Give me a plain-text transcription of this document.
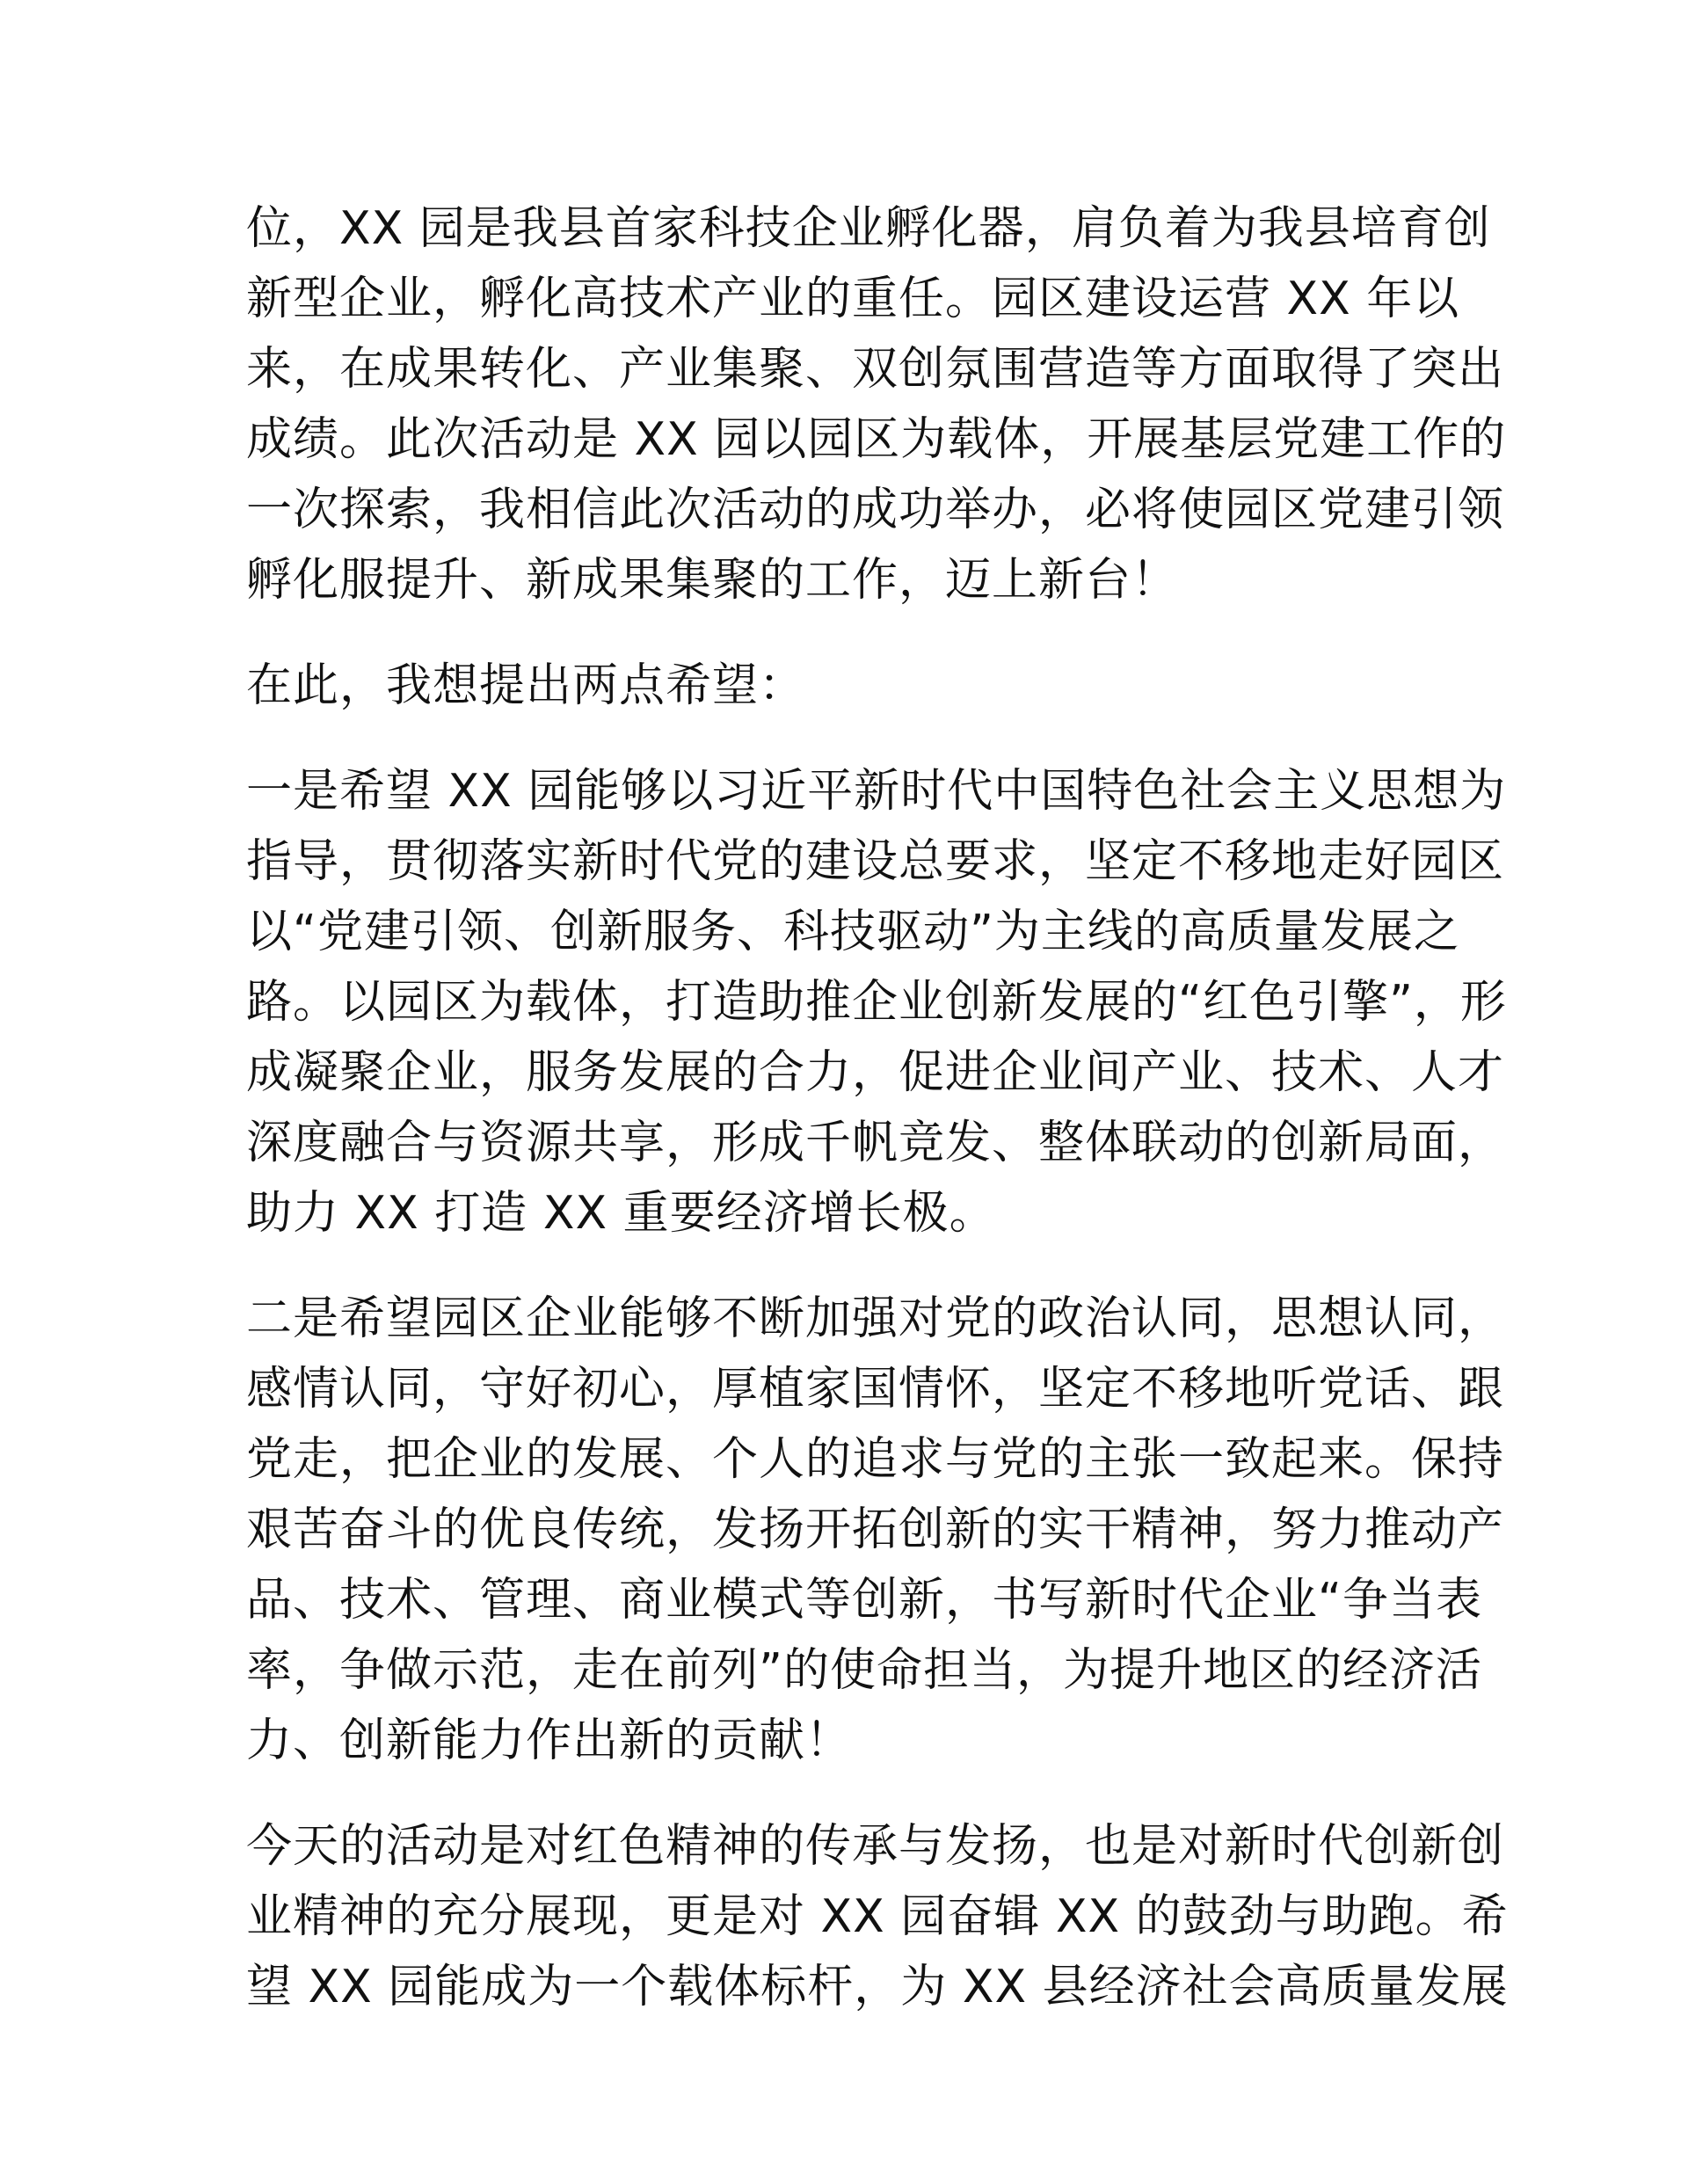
位，XX 园是我县首家科技企业孵化器，肩负着为我县培育创
新型企业，孵化高技术产业的重任。园区建设运营 XX 年以
来，在成果转化、产业集聚、双创氛围营造等方面取得了突出
成绩。此次活动是 XX 园以园区为载体，开展基层党建工作的
一次探索，我相信此次活动的成功举办，必将使园区党建引领
孵化服提升、新成果集聚的工作，迈上新台！
在此，我想提出两点希望：
一是希望 XX 园能够以习近平新时代中国特色社会主义思想为
指导，贯彻落实新时代党的建设总要求，坚定不移地走好园区
以“党建引领、创新服务、科技驱动”为主线的高质量发展之
路。以园区为载体，打造助推企业创新发展的“红色引擎”，形
成凝聚企业，服务发展的合力，促进企业间产业、技术、人才
深度融合与资源共享，形成千帆竞发、整体联动的创新局面，
助力 XX 打造 XX 重要经济增长极。
二是希望园区企业能够不断加强对党的政治认同，思想认同，
感情认同，守好初心，厚植家国情怀，坚定不移地听党话、跟
党走，把企业的发展、个人的追求与党的主张一致起来。保持
艰苦奋斗的优良传统，发扬开拓创新的实干精神，努力推动产
品、技术、管理、商业模式等创新，书写新时代企业“争当表
率，争做示范，走在前列”的使命担当，为提升地区的经济活
力、创新能力作出新的贡献！
今天的活动是对红色精神的传承与发扬，也是对新时代创新创
业精神的充分展现，更是对 XX 园奋辑 XX 的鼓劲与助跑。希
望 XX 园能成为一个载体标杆，为 XX 县经济社会高质量发展
